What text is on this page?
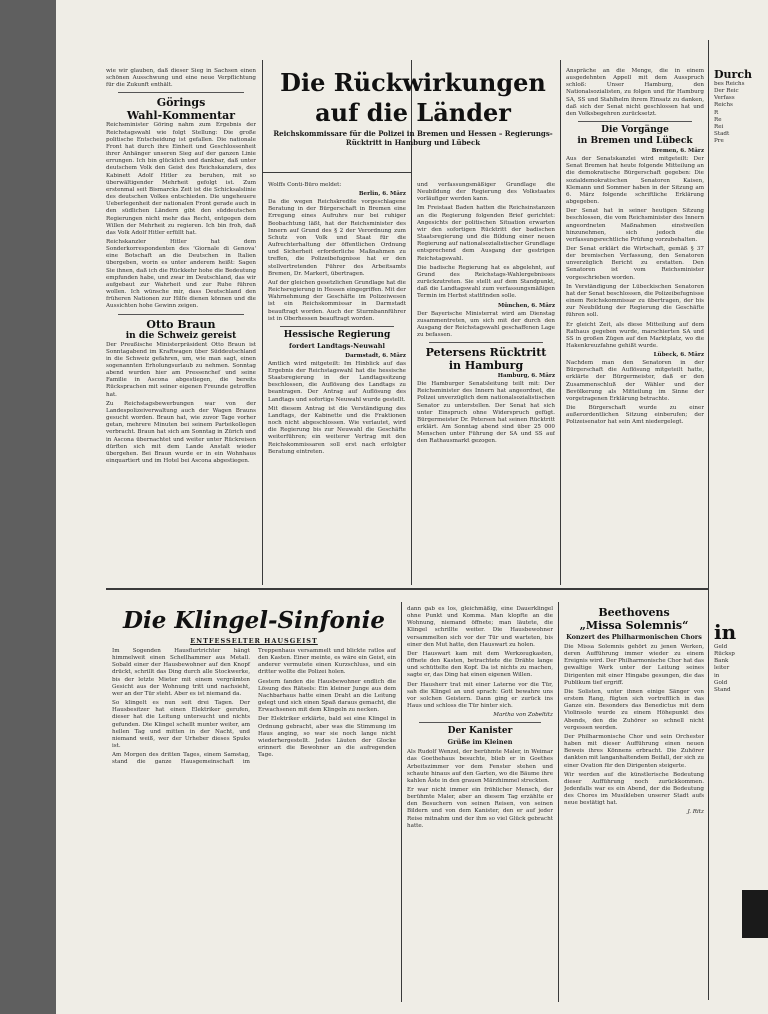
wie wir glauben, daß dieser Sieg in Sachsen einen schönen Ausschwung und eine neue Verpflichtung für die Zukunft enthält.

Görings

Wahl-Kommentar

Reichsminister Göring nahm zum Ergebnis der Reichstagswahl wie folgt Stellung: Die große politische Entscheidung ist gefallen. Die nationale Front hat durch ihre Einheit und Geschlossenheit ihrer Anhänger unseren Sieg auf der ganzen Linie errungen. Ich bin glücklich und dankbar, daß unter deutschem Volk den Geist des Reichskanzlers, des Kabinett Adolf Hitler zu beruhen, mit so überwältigender Mehrheit gefolgt ist. Zum erstenmal seit Bismarcks Zeit ist die Schicksalslinie des deutschen Volkes entschieden. Die ungeheuere Ueberlegenheit der nationalen Front gerade auch in den südlichen Ländern gibt den süddeutschen Regierungen nicht mehr das Recht, entgegen dem Willen der Mehrheit zu regieren. Ich bin froh, daß das Volk Adolf Hitler erfüllt hat.

Reichskanzler Hitler hat dem Sonderkorrespondenten des 'Giornale di Genova' eine Botschaft an die Deutschen in Italien übergeben, worin es unter anderem heißt: Sagen Sie ihnen, daß ich die Rückkehr hohe die Bedeutung empfunden habe, und zwar im Deutschland, das wir aufgebaut zur Wahrheit und zur Ruhe führen wollen. Ich wünsche mir, dass Deutschland den früheren Nationen zur Hilfe dienen können und die Aussichten hohe Gewinn zeigen.

Otto Braun

in die Schweiz gereist

Der Preußische Ministerpräsident Otto Braun ist Sonntagabend im Kraftwagen über Süddeutschland in die Schweiz gefahren, um, wie man sagt, einen sogenannten Erholungsurlaub zu nehmen. Sonntag abend wurden hier am Pressenchef und seine Familie in Ascona abgestiegen, die bereits Rücksprachen mit seiner eigenen Freunde getroffen hat.

Zu Reichstagsbewerbungen war von der Landespolizeiverwaltung auch der Wagen Brauns gesucht worden. Braun hat, wie zuvor Tage vorher getan, mehrere Minuten bei seinem Parteikollegen verbracht. Braun hat sich am Sonntag in Zürich und in Ascona übernachtet und weiter unter Rückreisen dürften sich mit dem Lande Anstalt wieder übergehen. Bei Braun wurde er in ein Wohnhaus einquartiert und im Hotel bei Ascona abgestiegen.

Die Rückwirkungen

auf die Länder

Reichskommissare für die Polizei in Bremen und Hessen – Regierungs-Rücktritt in Hamburg und Lübeck

Wolffs Conti-Büro meldet:

Berlin, 6. März

Da die wegen Reichskredite vorgeschlagene Beratung in der Bürgerschaft in Bremen eine Erregung eines Aufruhrs nur bei ruhiger Beobachtung läßt, hat der Reichsminister des Innern auf Grund des § 2 der Verordnung zum Schutz von Volk und Staat für die Aufrechterhaltung der öffentlichen Ordnung und Sicherheit erforderliche Maßnahmen zu treffen, die Polizeibefugnisse hat er den stellvertretenden Führer des Arbeitsamts Bremen, Dr. Markert, übertragen.

Auf der gleichen gesetzlichen Grundlage hat die Reichsregierung in Hessen eingegriffen. Mit der Wahrnehmung der Geschäfte im Polizeiwesen ist ein Reichskommissar in Darmstadt beauftragt worden. Auch der Sturmbannführer ist in Oberhessen beauftragt worden.

Hessische Regierung

fordert Landtags-Neuwahl

Darmstadt, 6. März

Amtlich wird mitgeteilt: Im Hinblick auf das Ergebnis der Reichstagswahl hat die hessische Staatsregierung in der Landtagssitzung beschlossen, die Auflösung des Landtags zu beantragen. Der Antrag auf Auflösung des Landtags und sofortige Neuwahl wurde gestellt.

Mit diesem Antrag ist die Verständigung des Landtags, der Kabinette und die Fraktionen noch nicht abgeschlossen. Wie verlautet, wird die Regierung bis zur Neuwahl die Geschäfte weiterführen; ein weiterer Vertrag mit den Reichskommissaren soll erst nach erfolgter Beratung eintreten.

und verfassungsmäßiger Grundlage die Neubildung der Regierung des Volkstaates vorläufiger werden kann.

Im Freistaat Baden hatten die Reichsinstanzen an die Regierung folgenden Brief gerichtet: Angesichts der politischen Situation erwarten wir den sofortigen Rücktritt der badischen Staatsregierung und die Bildung einer neuen Regierung auf nationalsozialistischer Grundlage entsprechend dem Ausgang der gestrigen Reichstagswahl.

Die badische Regierung hat es abgelehnt, auf Grund des Reichstags-Wahlergebnisses zurückzutreten. Sie stellt auf dem Standpunkt, daß die Landtagswahl zum verfassungsmäßigen Termin im Herbst stattfinden solle.

München, 6. März

Der Bayerische Ministerrat wird am Dienstag zusammentreten, um sich mit der durch den Ausgang der Reichstagswahl geschaffenen Lage zu befassen.

Petersens Rücktritt

in Hamburg

Hamburg, 6. März

Die Hamburger Senatsleitung teilt mit: Der Reichsminister des Innern hat angeordnet, die Polizei unverzüglich dem nationalsozialistischen Senator zu unterstellen. Der Senat hat sich unter Einspruch ohne Widerspruch gefügt. Bürgermeister Dr. Petersen hat seinen Rücktritt erklärt. Am Sonntag abend sind über 25 000 Menschen unter Führung der SA und SS auf den Rathausmarkt gezogen.

Anspräche an die Menge, die in einem ausgedehnten Appell mit dem Ausspruch schloß: Unser Hamburg, den Nationalsozialisten, zu folgen und für Hamburg SA, SS und Stahlhelm ihrem Einsatz zu danken, daß sich der Senat nicht geschlossen hat und den Volksbegehren zurücksetzt.

Die Vorgänge

in Bremen und Lübeck

Bremen, 6. März

Aus der Senatskanzlei wird mitgeteilt: Der Senat Bremen hat heute folgende Mitteilung an die demokratische Bürgerschaft gegeben: Die sozialdemokratischen Senatoren Kaisen, Klemann und Sommer haben in der Sitzung am 6. März folgende schriftliche Erklärung abgegeben.

Der Senat hat in seiner heutigen Sitzung beschlossen, die vom Reichsminister des Innern angeordneten Maßnahmen einstweilen hinzunehmen, sich jedoch die verfassungsrechtliche Prüfung vorzubehalten.

Der Senat erklärt die Wirtschaft, gemäß § 37 der bremischen Verfassung, den Senatoren unverzüglich Bericht zu erstatten. Den Senatoren ist vom Reichsminister vorgeschrieben worden.

In Verständigung der Lübeckischen Senatoren hat der Senat beschlossen, die Polizeibefugnisse einem Reichskommissar zu übertragen, der bis zur Neubildung der Regierung die Geschäfte führen soll.

Er gleicht Zeit, als diese Mitteilung auf dem Rathaus gegeben wurde, marschierten SA und SS in großen Zügen auf den Marktplatz, wo die Hakenkreuzfahne gehißt wurde.

Lübeck, 6. März

Nachdem man den Senatoren in der Bürgerschaft die Auflösung mitgeteilt hatte, erklärte der Bürgermeister, daß er den Zusammenschluß der Wähler und der Bevölkerung als Mitteilung im Sinne der vorgetragenen Erklärung betrachte.

Die Bürgerschaft wurde zu einer außerordentlichen Sitzung einberufen; der Polizeisenator hat sein Amt niedergelegt.

Durch

bes Reichs

Der Reic

Verfass

Reichs

R

Re

Rei

Stadt

Pre

Die Klingel-Sinfonie

ENTFESSELTER HAUSGEIST

Im Sogenden Hausflurtrichter hängt himmelweit einen Schellhammer aus Metall. Sobald einer der Hausbewohner auf den Knopf drückt, schrillt das Ding durch alle Stockwerke, bis der letzte Mieter mit einem vergrämten Gesicht aus der Wohnung tritt und nachsieht, wer an der Tür steht. Aber es ist niemand da.

So klingelt es nun seit drei Tagen. Der Hausbesitzer hat einen Elektriker gerufen, dieser hat die Leitung untersucht und nichts gefunden. Die Klingel schellt munter weiter, am hellen Tag und mitten in der Nacht, und niemand weiß, wer der Urheber dieses Spuks ist.

Am Morgen des dritten Tages, einem Samstag, stand die ganze Hausgemeinschaft im Treppenhaus versammelt und blickte ratlos auf den Kasten. Einer meinte, es wäre ein Geist, ein anderer vermutete einen Kurzschluss, und ein dritter wollte die Polizei holen.

Gestern fanden die Hausbewohner endlich die Lösung des Rätsels: Ein kleiner Junge aus dem Nachbarhaus hatte einen Draht an die Leitung gelegt und sich einen Spaß daraus gemacht, die Erwachsenen mit dem Klingeln zu necken.

Der Elektriker erklärte, bald sei eine Klingel in Ordnung gebracht, aber was die Stimmung im Haus anging, so war sie noch lange nicht wiederhergestellt. Jedes Läuten der Glocke erinnert die Bewohner an die aufregenden Tage.

dann gab es los, gleichmäßig, eine Dauerklingel ohne Punkt und Komma. Man klopfte an die Wohnung, niemand öffnete; man läutete, die Klingel schrillte weiter. Die Hausbewohner versammelten sich vor der Tür und warteten, bis einer den Mut hatte, den Hauswart zu holen.

Der Hauswart kam mit dem Werkzeugkasten, öffnete den Kasten, betrachtete die Drähte lange und schüttelte den Kopf. Da ist nichts zu machen, sagte er, das Ding hat einen eigenen Willen.

Der Hausherr trat mit einer Laterne vor die Tür, sah die Klingel an und sprach: Gott bewahre uns vor solchen Geistern. Dann ging er zurück ins Haus und schloss die Tür hinter sich.

Martha von Zobeltitz

Der Kanister

Grüße im Kleinen

Als Rudolf Wenzel, der berühmte Maler, in Weimar das Goethehaus besuchte, blieb er in Goethes Arbeitszimmer vor dem Fenster stehen und schaute hinaus auf den Garten, wo die Bäume ihre kahlen Äste in den grauen Märzhimmel streckten.

Er war nicht immer ein fröhlicher Mensch, der berühmte Maler, aber an diesem Tag erzählte er den Besuchern von seinen Reisen, von seinen Bildern und von dem Kanister, den er auf jeder Reise mitnahm und der ihm so viel Glück gebracht hatte.

Beethovens

„Missa Solemnis“

Konzert des Philharmonischen Chors

Die Missa Solemnis gehört zu jenen Werken, deren Aufführung immer wieder zu einem Ereignis wird. Der Philharmonische Chor hat das gewaltige Werk unter der Leitung seines Dirigenten mit einer Hingabe gesungen, die das Publikum tief ergriff.

Die Solisten, unter ihnen einige Sänger von erstem Rang, fügten sich vortrefflich in das Ganze ein. Besonders das Benedictus mit dem Violinsolo wurde zu einem Höhepunkt des Abends, den die Zuhörer so schnell nicht vergessen werden.

Der Philharmonische Chor und sein Orchester haben mit dieser Aufführung einen neuen Beweis ihres Könnens erbracht. Die Zuhörer dankten mit langanhaltendem Beifall, der sich zu einer Ovation für den Dirigenten steigerte.

Wir werden auf die künstlerische Bedeutung dieser Aufführung noch zurückkommen. Jedenfalls war es ein Abend, der die Bedeutung des Chores im Musikleben unserer Stadt aufs neue bestätigt hat.

J. Ritz

in

Geld

Rücksp

Bank

leiter

in

Gold

Stand
